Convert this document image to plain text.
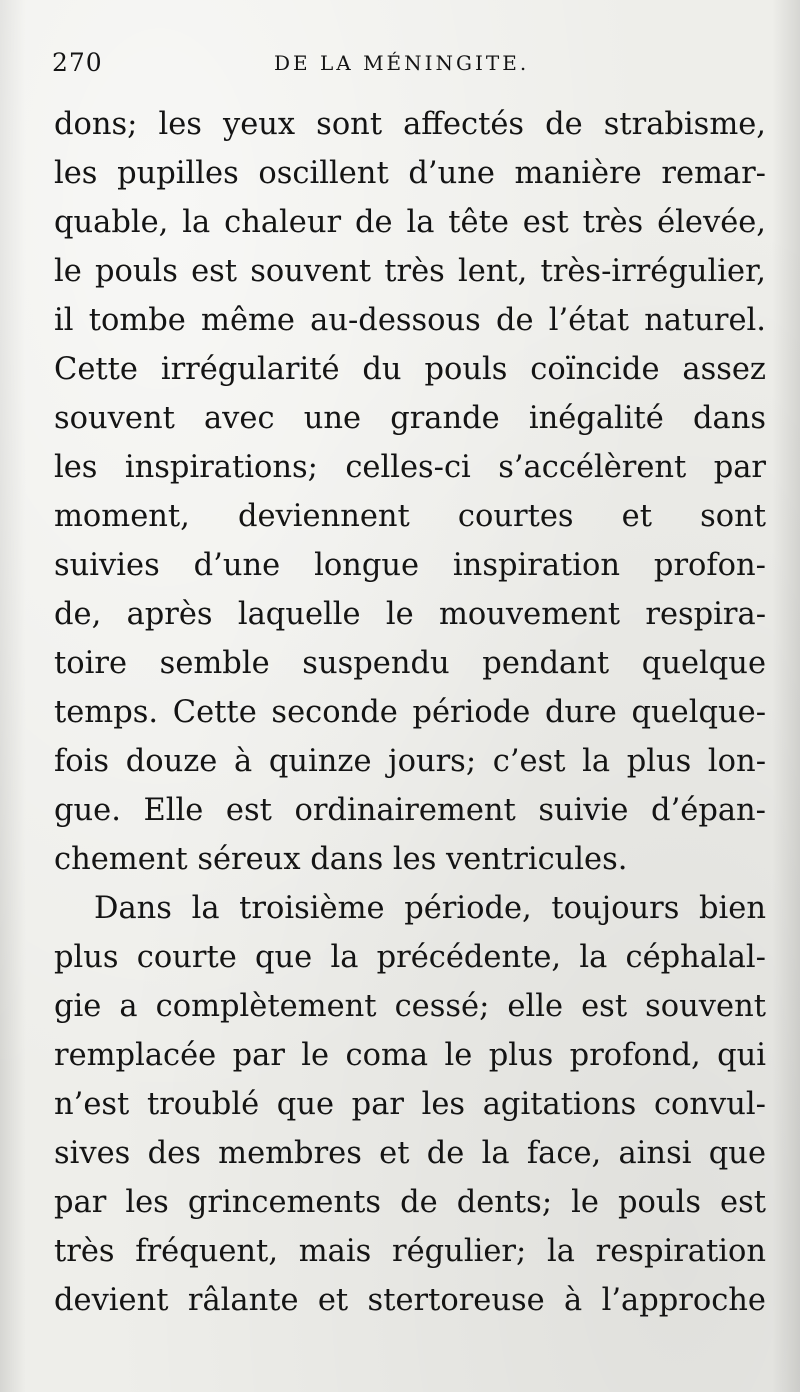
270	DE LA MÉNINGITE.
dons; les yeux sont affectés de strabisme,
les pupilles oscillent d’une manière remar-
quable, la chaleur de la tête est très élevée,
le pouls est souvent très lent, très-irrégulier,
il tombe même au-dessous de l’état naturel.
Cette irrégularité du pouls coïncide assez
souvent avec une grande inégalité dans
les inspirations; celles-ci s’accélèrent par
moment, deviennent courtes et sont
suivies d’une longue inspiration profon-
de, après laquelle le mouvement respira-
toire semble suspendu pendant quelque
temps. Cette seconde période dure quelque-
fois douze à quinze jours; c’est la plus lon-
gue. Elle est ordinairement suivie d’épan-
chement séreux dans les ventricules.
Dans la troisième période, toujours bien
plus courte que la précédente, la céphalal-
gie a complètement cessé; elle est souvent
remplacée par le coma le plus profond, qui
n’est troublé que par les agitations convul-
sives des membres et de la face, ainsi que
par les grincements de dents; le pouls est
très fréquent, mais régulier; la respiration
devient râlante et stertoreuse à l’approche
